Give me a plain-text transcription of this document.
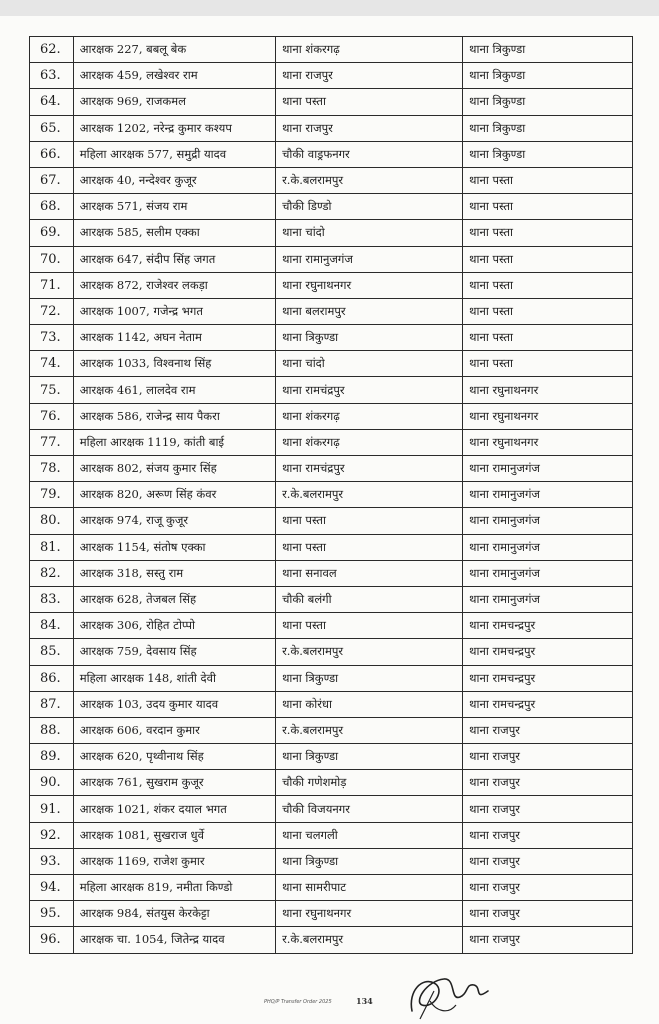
62.	आरक्षक 227, बबलू बेक	थाना शंकरगढ़	थाना त्रिकुण्डा
63.	आरक्षक 459, लखेश्वर राम	थाना राजपुर	थाना त्रिकुण्डा
64.	आरक्षक 969, राजकमल	थाना पस्ता	थाना त्रिकुण्डा
65.	आरक्षक 1202, नरेन्द्र कुमार कश्यप	थाना राजपुर	थाना त्रिकुण्डा
66.	महिला आरक्षक 577, समुद्री यादव	चौकी वाड्रफनगर	थाना त्रिकुण्डा
67.	आरक्षक 40, नन्देश्वर कुजूर	र.के.बलरामपुर	थाना पस्ता
68.	आरक्षक 571, संजय राम	चौकी डिण्डो	थाना पस्ता
69.	आरक्षक 585, सलीम एक्का	थाना चांदो	थाना पस्ता
70.	आरक्षक 647, संदीप सिंह जगत	थाना रामानुजगंज	थाना पस्ता
71.	आरक्षक 872, राजेश्वर लकड़ा	थाना रघुनाथनगर	थाना पस्ता
72.	आरक्षक 1007, गजेन्द्र भगत	थाना बलरामपुर	थाना पस्ता
73.	आरक्षक 1142, अघन नेताम	थाना त्रिकुण्डा	थाना पस्ता
74.	आरक्षक 1033, विश्वनाथ सिंह	थाना चांदो	थाना पस्ता
75.	आरक्षक 461, लालदेव राम	थाना रामचंद्रपुर	थाना रघुनाथनगर
76.	आरक्षक 586, राजेन्द्र साय पैकरा	थाना शंकरगढ़	थाना रघुनाथनगर
77.	महिला आरक्षक 1119, कांती बाई	थाना शंकरगढ़	थाना रघुनाथनगर
78.	आरक्षक 802, संजय कुमार सिंह	थाना रामचंद्रपुर	थाना रामानुजगंज
79.	आरक्षक 820, अरूण सिंह कंवर	र.के.बलरामपुर	थाना रामानुजगंज
80.	आरक्षक 974, राजू कुजूर	थाना पस्ता	थाना रामानुजगंज
81.	आरक्षक 1154, संतोष एक्का	थाना पस्ता	थाना रामानुजगंज
82.	आरक्षक 318, सस्तु राम	थाना सनावल	थाना रामानुजगंज
83.	आरक्षक 628, तेजबल सिंह	चौकी बलंगी	थाना रामानुजगंज
84.	आरक्षक 306, रोहित टोप्पो	थाना पस्ता	थाना रामचन्द्रपुर
85.	आरक्षक 759, देवसाय सिंह	र.के.बलरामपुर	थाना रामचन्द्रपुर
86.	महिला आरक्षक 148, शांती देवी	थाना त्रिकुण्डा	थाना रामचन्द्रपुर
87.	आरक्षक 103, उदय कुमार यादव	थाना कोरंधा	थाना रामचन्द्रपुर
88.	आरक्षक 606, वरदान कुमार	र.के.बलरामपुर	थाना राजपुर
89.	आरक्षक 620, पृथ्वीनाथ सिंह	थाना त्रिकुण्डा	थाना राजपुर
90.	आरक्षक 761, सुखराम कुजूर	चौकी गणेशमोड़	थाना राजपुर
91.	आरक्षक 1021, शंकर दयाल भगत	चौकी विजयनगर	थाना राजपुर
92.	आरक्षक 1081, सुखराज धुर्वे	थाना चलगली	थाना राजपुर
93.	आरक्षक 1169, राजेश कुमार	थाना त्रिकुण्डा	थाना राजपुर
94.	महिला आरक्षक 819, नमीता किण्डो	थाना सामरीपाट	थाना राजपुर
95.	आरक्षक 984, संतयुस केरकेट्टा	थाना रघुनाथनगर	थाना राजपुर
96.	आरक्षक चा. 1054, जितेन्द्र यादव	र.के.बलरामपुर	थाना राजपुर
PHQ/P Transfer Order 2025	134
